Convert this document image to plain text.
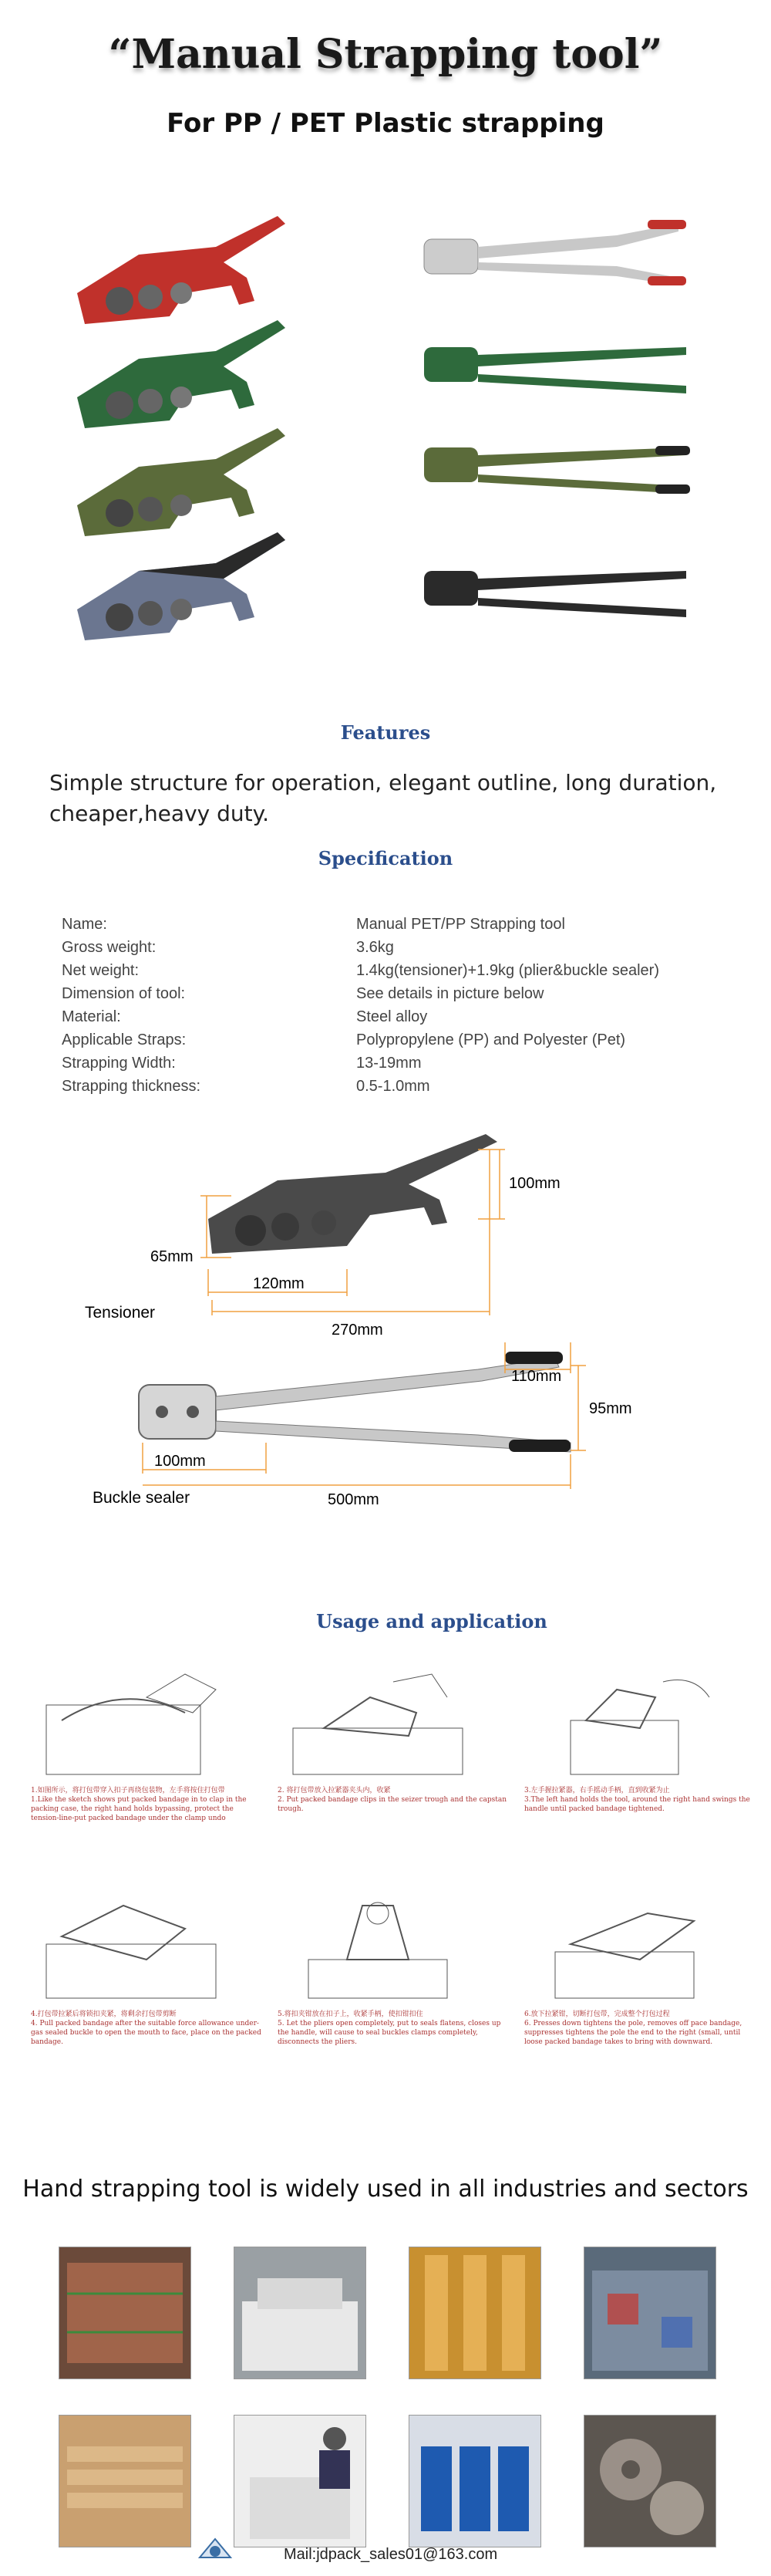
“Manual Strapping tool”
For PP / PET Plastic strapping
Features
Simple structure for operation, elegant outline, long duration, cheaper,heavy duty.
Specification
Name:	Manual PET/PP Strapping tool
Gross weight:	3.6kg
Net weight:	1.4kg(tensioner)+1.9kg (plier&buckle sealer)
Dimension of tool:	See details in picture below
Material:	Steel alloy
Applicable Straps:	Polypropylene (PP) and Polyester (Pet)
Strapping Width:	13-19mm
Strapping thickness:	0.5-1.0mm
65mm
120mm
270mm
100mm
Tensioner
100mm
110mm
95mm
500mm
Buckle sealer
Usage and application
1.如图所示，将打包带穿入扣子再绕包装物，左手将按住打包带
1.Like the sketch shows put packed bandage in to clap in the packing case, the right hand holds bypassing, protect the tension-line-put packed bandage under the clamp undo
2. 将打包带放入拉紧器夹头内，收紧
2. Put packed bandage clips in the seizer trough and the capstan trough.
3.左手握拉紧器，右手摇动手柄，直到收紧为止
3.The left hand holds the tool, around the right hand swings the handle until packed bandage tightened.
4.打包带拉紧后将锁扣夹紧，将剩余打包带剪断
4. Pull packed bandage after the suitable force allowance under-gas sealed buckle to open the mouth to face, place on the packed bandage.
5.将扣夹钳放在扣子上，收紧手柄，使扣钳扣住
5. Let the pliers open completely, put to seals flatens, closes up the handle, will cause to seal buckles clamps completely, disconnects the pliers.
6.放下拉紧钳，切断打包带，完成整个打包过程
6. Presses down tightens the pole, removes off pace bandage, suppresses tightens the pole the end to the right (small, until loose packed bandage takes to bring with downward.
Hand strapping tool is widely used in all industries and sectors
Mail:jdpack_sales01@163.com
